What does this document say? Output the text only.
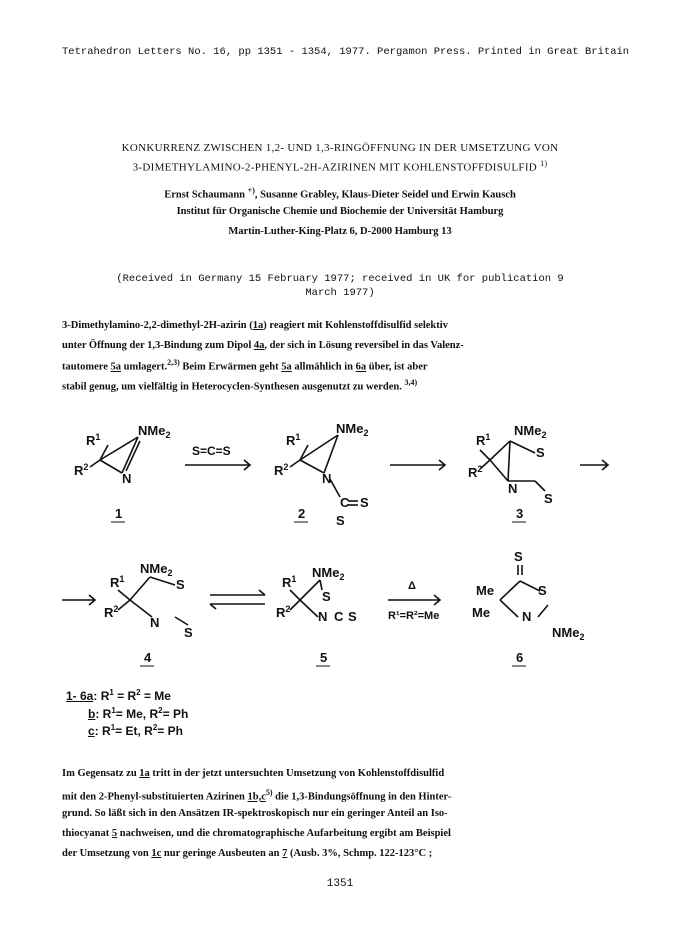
Tetrahedron Letters No. 16, pp 1351 - 1354, 1977. Pergamon Press. Printed in Great Britain
KONKURRENZ ZWISCHEN 1,2- UND 1,3-RINGÖFFNUNG IN DER UMSETZUNG VON
3-DIMETHYLAMINO-2-PHENYL-2H-AZIRINEN MIT KOHLENSTOFFDISULFID $^{1)}$
Ernst Schaumann +), Susanne Grabley, Klaus-Dieter Seidel und Erwin Kausch
Institut für Organische Chemie und Biochemie der Universität Hamburg
Martin-Luther-King-Platz 6, D-2000 Hamburg 13
(Received in Germany 15 February 1977; received in UK for publication 9
March 1977)
3-Dimethylamino-2,2-dimethyl-2H-azirin (1a) reagiert mit Kohlenstoffdisulfid selektiv
unter Öffnung der 1,3-Bindung zum Dipol 4a, der sich in Lösung reversibel in das Valenz-
tautomere 5a umlagert.$^{2,3)}$ Beim Erwärmen geht 5a allmählich in 6a über, ist aber
stabil genug, um vielfältig in Heterocyclen-Synthesen ausgenutzt zu werden. $^{3,4)}$
NMe$_2$
$R^1$
$R^2$
N
S=C=S
NMe$_2$
$R^1$
$R^2$
N
C S
S
NMe$_2$
$R^1$
$R^2$
N
S
S
NMe$_2$
$R^1$
$R^2$
N
S
S
NMe$_2$
$R^1$
$R^2$ N C S
S
Δ
R¹=R²=Me
S
Me
Me
S
N
NMe$_2$
1	2	3
4	5	6
1- 6a: $R^1 = R^2 = Me$
b: $R^1= Me$, $R^2= Ph$
c: $R^1= Et$, $R^2= Ph$
Im Gegensatz zu 1a tritt in der jetzt untersuchten Umsetzung von Kohlenstoffdisulfid
mit den 2-Phenyl-substituierten Azirinen $1b,c^{5)}$ die 1,3-Bindungsöffnung in den Hinter-
grund. So läßt sich in den Ansätzen IR-spektroskopisch nur ein geringer Anteil an Iso-
thiocyanat 5 nachweisen, und die chromatographische Aufarbeitung ergibt am Beispiel
der Umsetzung von 1c nur geringe Ausbeuten an 7 (Ausb. 3%, Schmp. 122-123°C ;
1351
